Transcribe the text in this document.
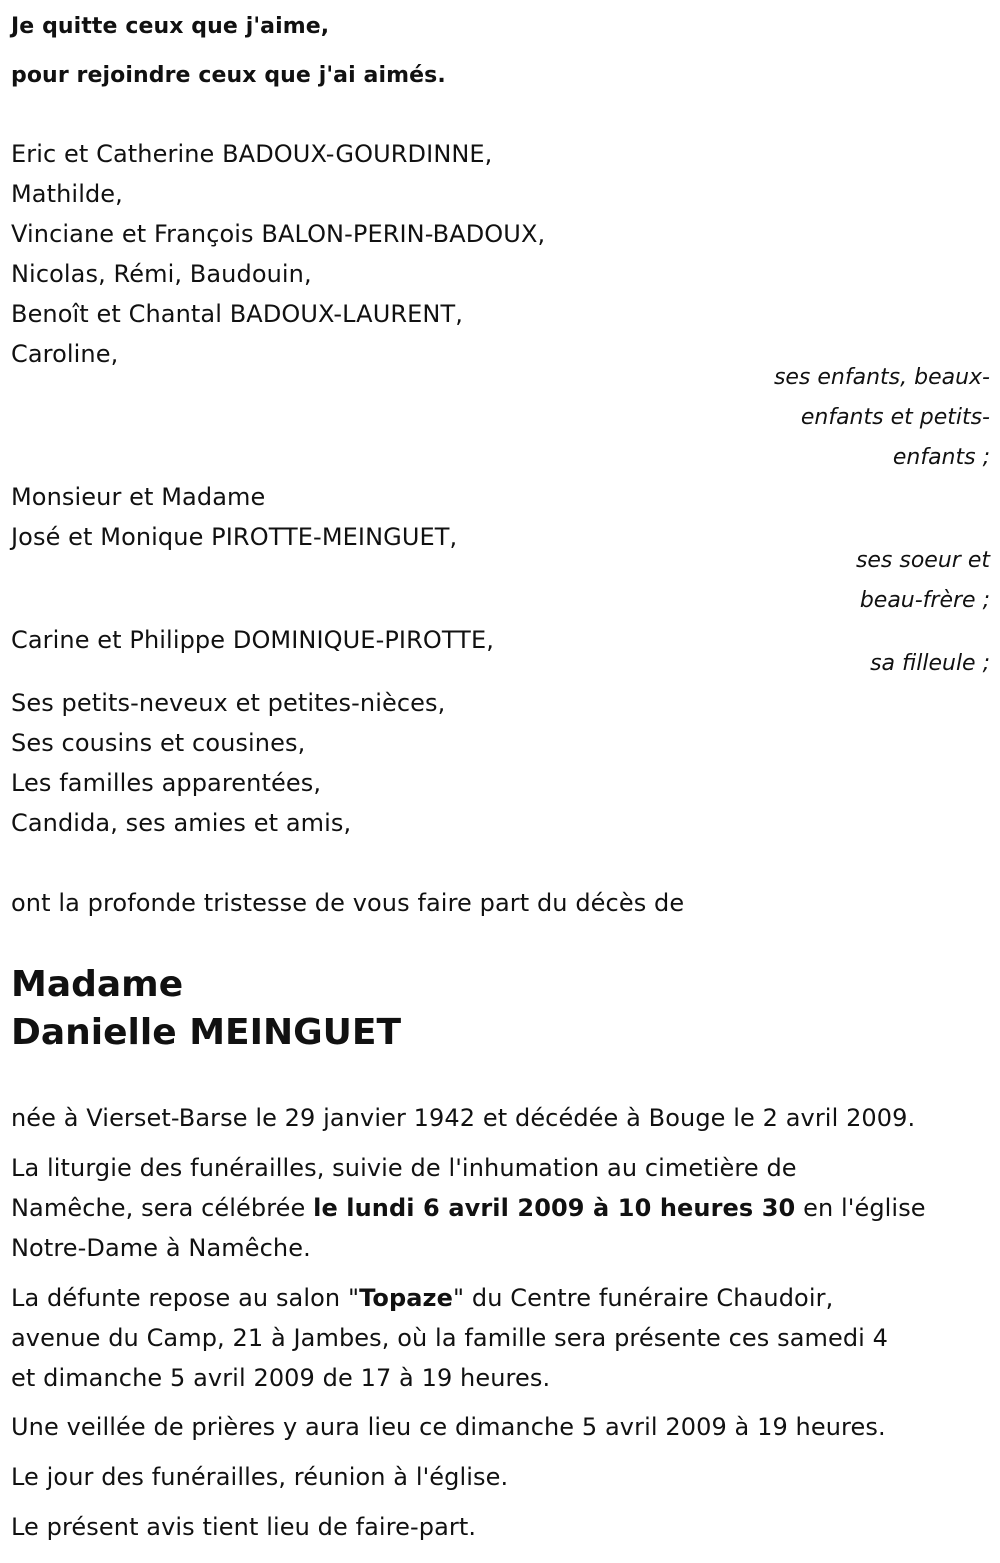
Je quitte ceux que j'aime,
pour rejoindre ceux que j'ai aimés.
Eric et Catherine BADOUX-GOURDINNE,
Mathilde,
Vinciane et François BALON-PERIN-BADOUX,
Nicolas, Rémi, Baudouin,
Benoît et Chantal BADOUX-LAURENT,
Caroline,
ses enfants, beaux-
enfants et petits-
enfants ;
Monsieur et Madame
José et Monique PIROTTE-MEINGUET,
ses soeur et
beau-frère ;
Carine et Philippe DOMINIQUE-PIROTTE,
sa filleule ;
Ses petits-neveux et petites-nièces,
Ses cousins et cousines,
Les familles apparentées,
Candida, ses amies et amis,
ont la profonde tristesse de vous faire part du décès de
Madame
Danielle MEINGUET
née à Vierset-Barse le 29 janvier 1942 et décédée à Bouge le 2 avril 2009.
La liturgie des funérailles, suivie de l'inhumation au cimetière de
Namêche, sera célébrée le lundi 6 avril 2009 à 10 heures 30 en l'église
Notre-Dame à Namêche.
La défunte repose au salon "Topaze" du Centre funéraire Chaudoir,
avenue du Camp, 21 à Jambes, où la famille sera présente ces samedi 4
et dimanche 5 avril 2009 de 17 à 19 heures.
Une veillée de prières y aura lieu ce dimanche 5 avril 2009 à 19 heures.
Le jour des funérailles, réunion à l'église.
Le présent avis tient lieu de faire-part.
